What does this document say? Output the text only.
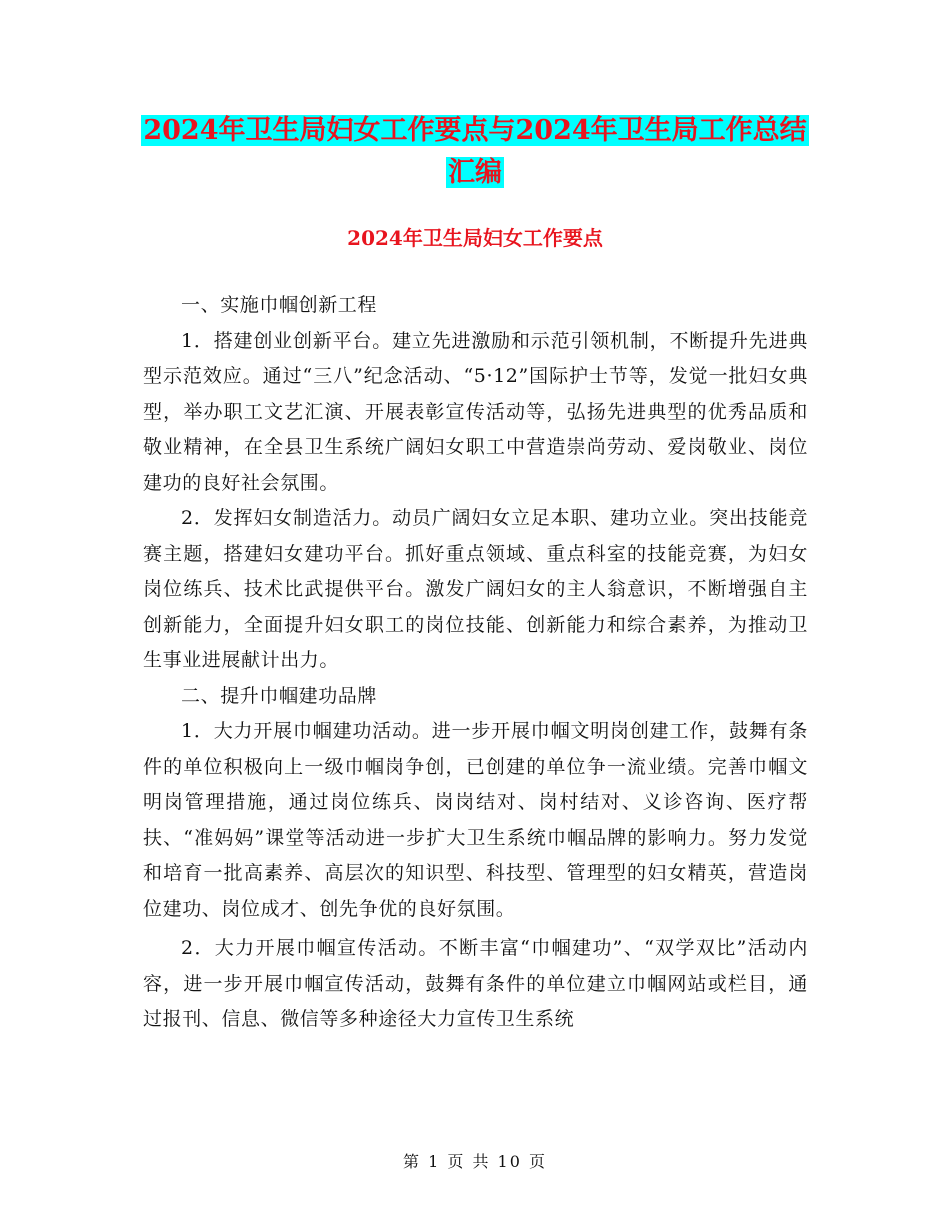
2024年卫生局妇女工作要点与2024年卫生局工作总结
汇编
2024年卫生局妇女工作要点

一、实施巾帼创新工程

1．搭建创业创新平台。建立先进激励和示范引领机制，不断提升先进典型示范效应。通过“三八”纪念活动、“5·12”国际护士节等，发觉一批妇女典型，举办职工文艺汇演、开展表彰宣传活动等，弘扬先进典型的优秀品质和敬业精神，在全县卫生系统广阔妇女职工中营造崇尚劳动、爱岗敬业、岗位建功的良好社会氛围。

2．发挥妇女制造活力。动员广阔妇女立足本职、建功立业。突出技能竞赛主题，搭建妇女建功平台。抓好重点领域、重点科室的技能竞赛，为妇女岗位练兵、技术比武提供平台。激发广阔妇女的主人翁意识，不断增强自主创新能力，全面提升妇女职工的岗位技能、创新能力和综合素养，为推动卫生事业进展献计出力。

二、提升巾帼建功品牌

1．大力开展巾帼建功活动。进一步开展巾帼文明岗创建工作，鼓舞有条件的单位积极向上一级巾帼岗争创，已创建的单位争一流业绩。完善巾帼文明岗管理措施，通过岗位练兵、岗岗结对、岗村结对、义诊咨询、医疗帮扶、“准妈妈”课堂等活动进一步扩大卫生系统巾帼品牌的影响力。努力发觉和培育一批高素养、高层次的知识型、科技型、管理型的妇女精英，营造岗位建功、岗位成才、创先争优的良好氛围。

2．大力开展巾帼宣传活动。不断丰富“巾帼建功”、“双学双比”活动内容，进一步开展巾帼宣传活动，鼓舞有条件的单位建立巾帼网站或栏目，通过报刊、信息、微信等多种途径大力宣传卫生系统

第 1 页 共 10 页
